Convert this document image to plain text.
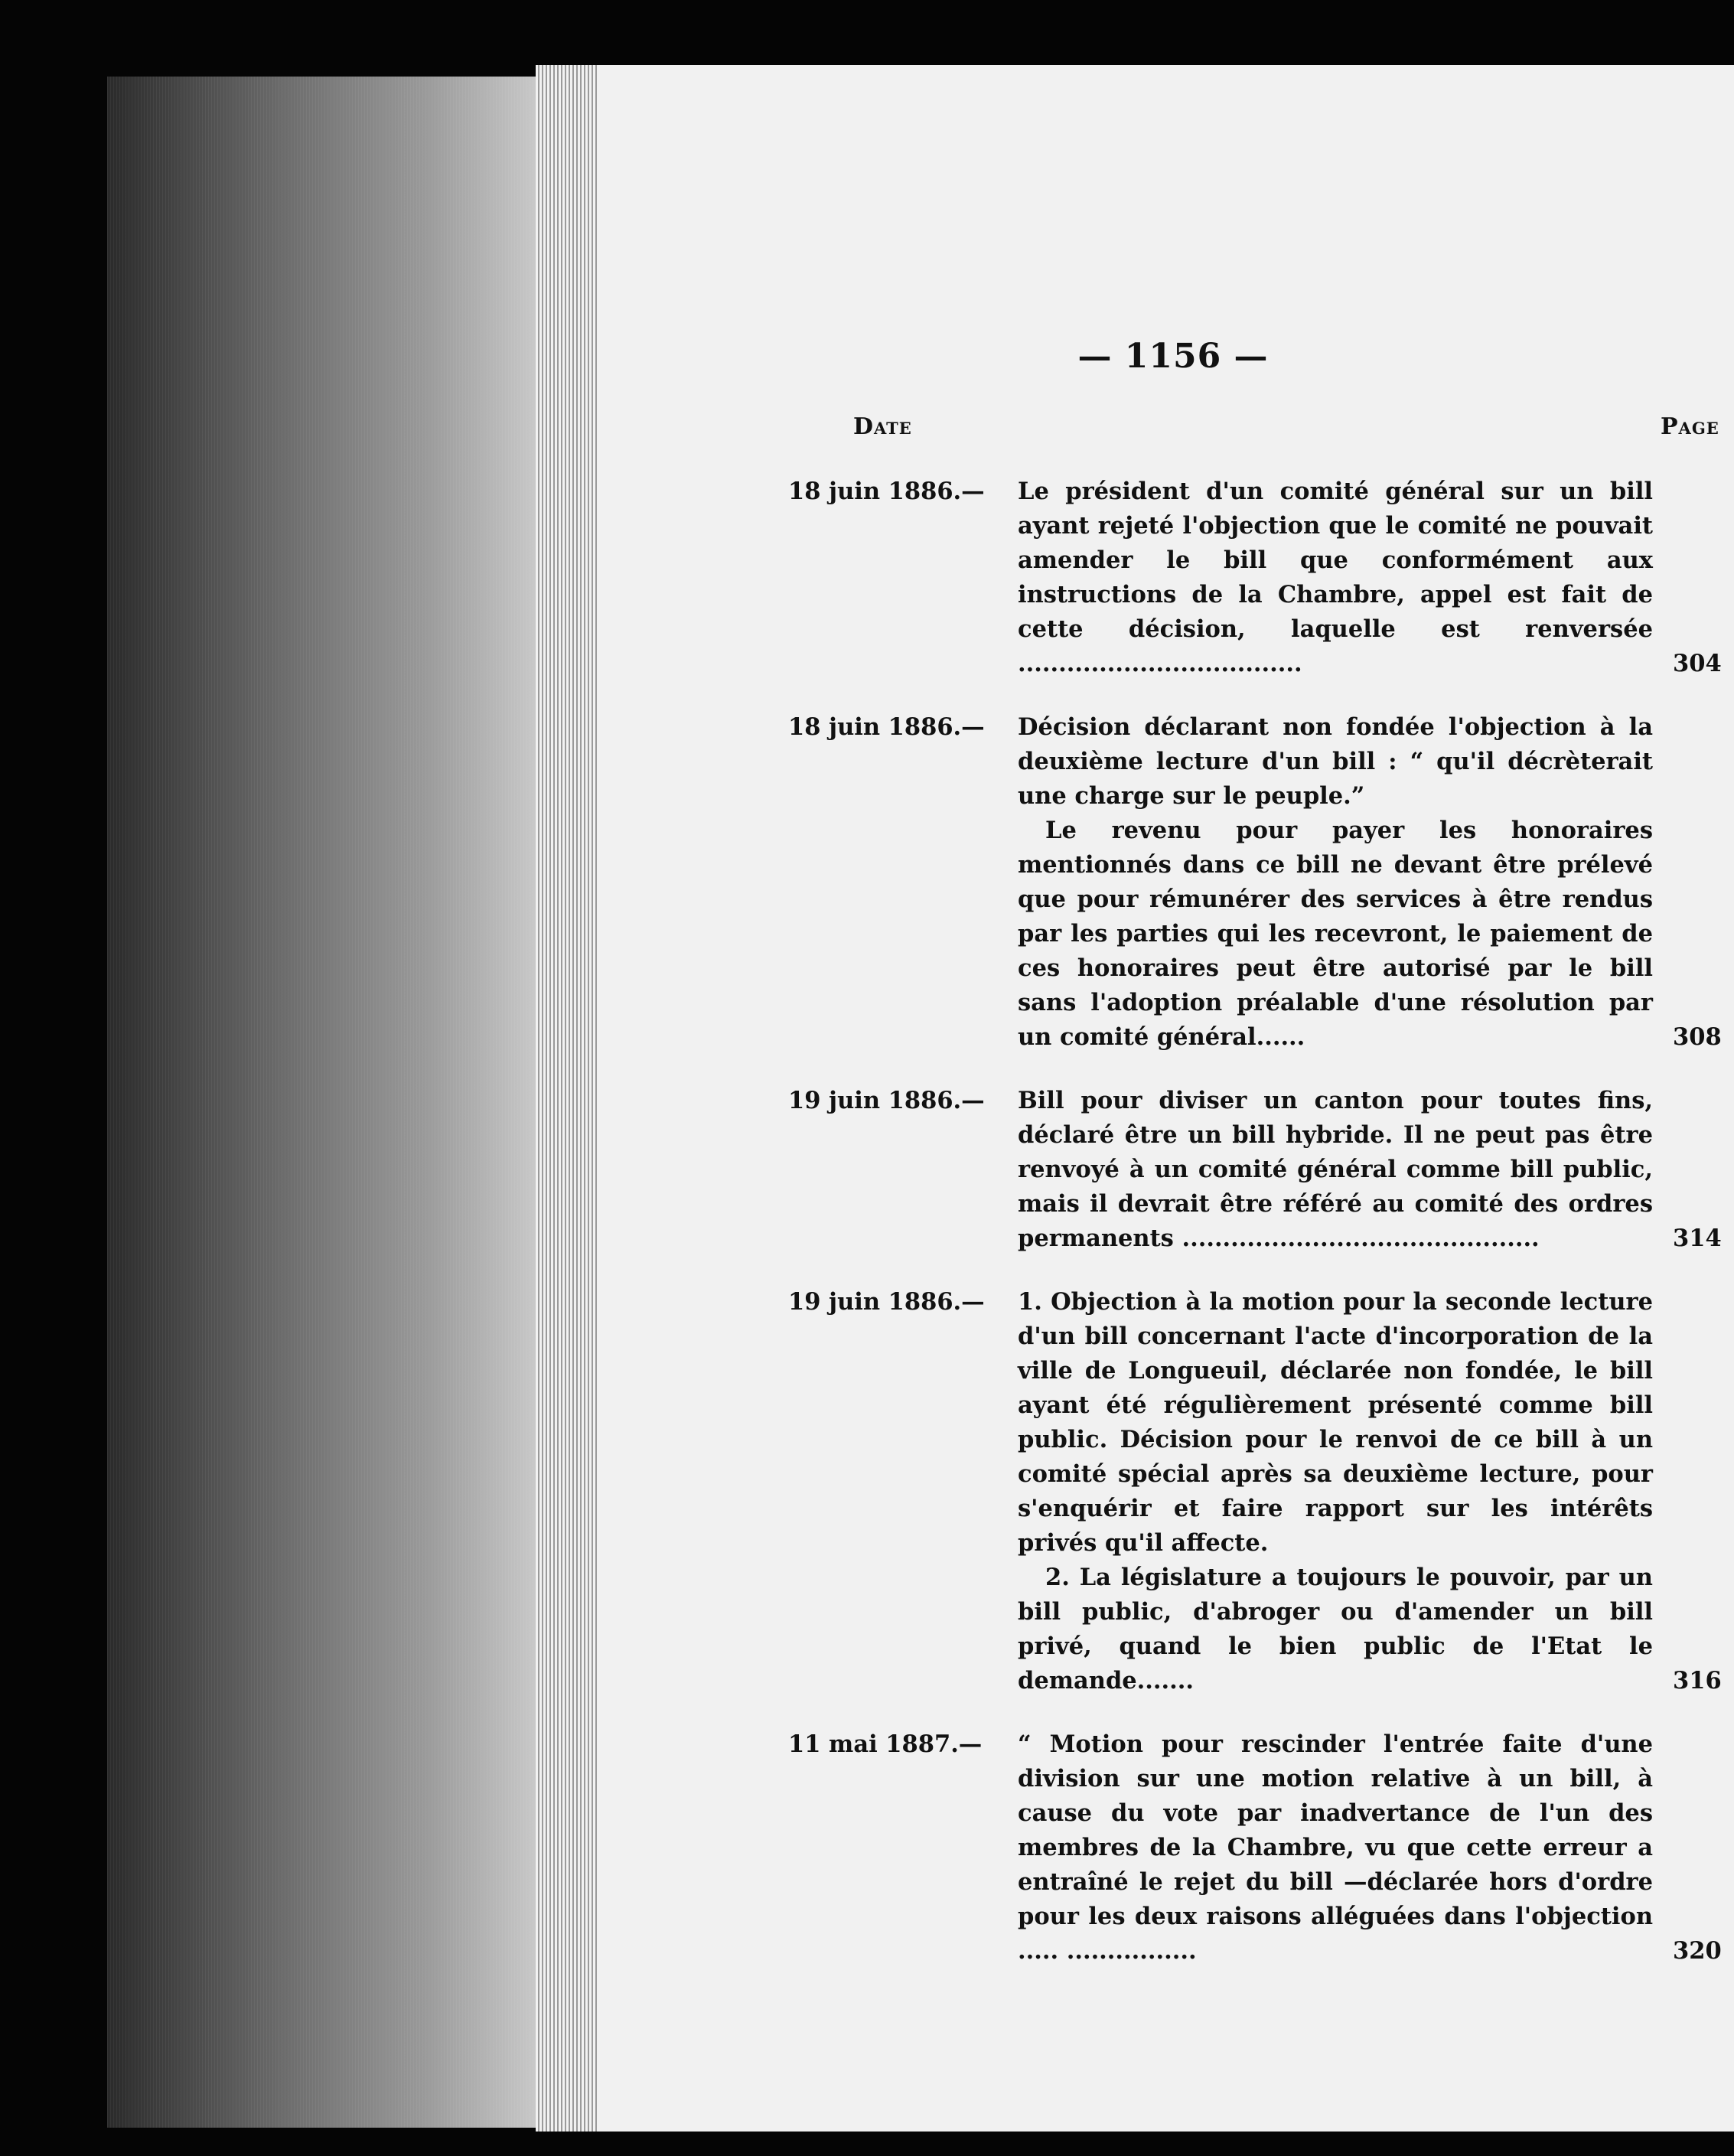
— 1156 —
Date	Page
18 juin 1886.— Le président d'un comité général sur un bill ayant rejeté l'objection que le comité ne pouvait amender le bill que conformément aux instructions de la Chambre, appel est fait de cette décision, laquelle est renversée ...................................	304
18 juin 1886.— Décision déclarant non fondée l'objection à la deuxième lecture d'un bill : “ qu'il décrèterait une charge sur le peuple.”

Le revenu pour payer les honoraires mentionnés dans ce bill ne devant être prélevé que pour rémunérer des services à être rendus par les parties qui les recevront, le paiement de ces honoraires peut être autorisé par le bill sans l'adoption préalable d'une résolution par un comité général......	308
19 juin 1886.— Bill pour diviser un canton pour toutes fins, déclaré être un bill hybride. Il ne peut pas être renvoyé à un comité général comme bill public, mais il devrait être référé au comité des ordres permanents ............................................	314
19 juin 1886.— 1. Objection à la motion pour la seconde lecture d'un bill concernant l'acte d'incorporation de la ville de Longueuil, déclarée non fondée, le bill ayant été régulièrement présenté comme bill public. Décision pour le renvoi de ce bill à un comité spécial après sa deuxième lecture, pour s'enquérir et faire rapport sur les intérêts privés qu'il affecte.

2. La législature a toujours le pouvoir, par un bill public, d'abroger ou d'amender un bill privé, quand le bien public de l'Etat le demande.......	316
11 mai 1887.— “ Motion pour rescinder l'entrée faite d'une division sur une motion relative à un bill, à cause du vote par inadvertance de l'un des membres de la Chambre, vu que cette erreur a entraîné le rejet du bill —déclarée hors d'ordre pour les deux raisons alléguées dans l'objection ..... ................	320
